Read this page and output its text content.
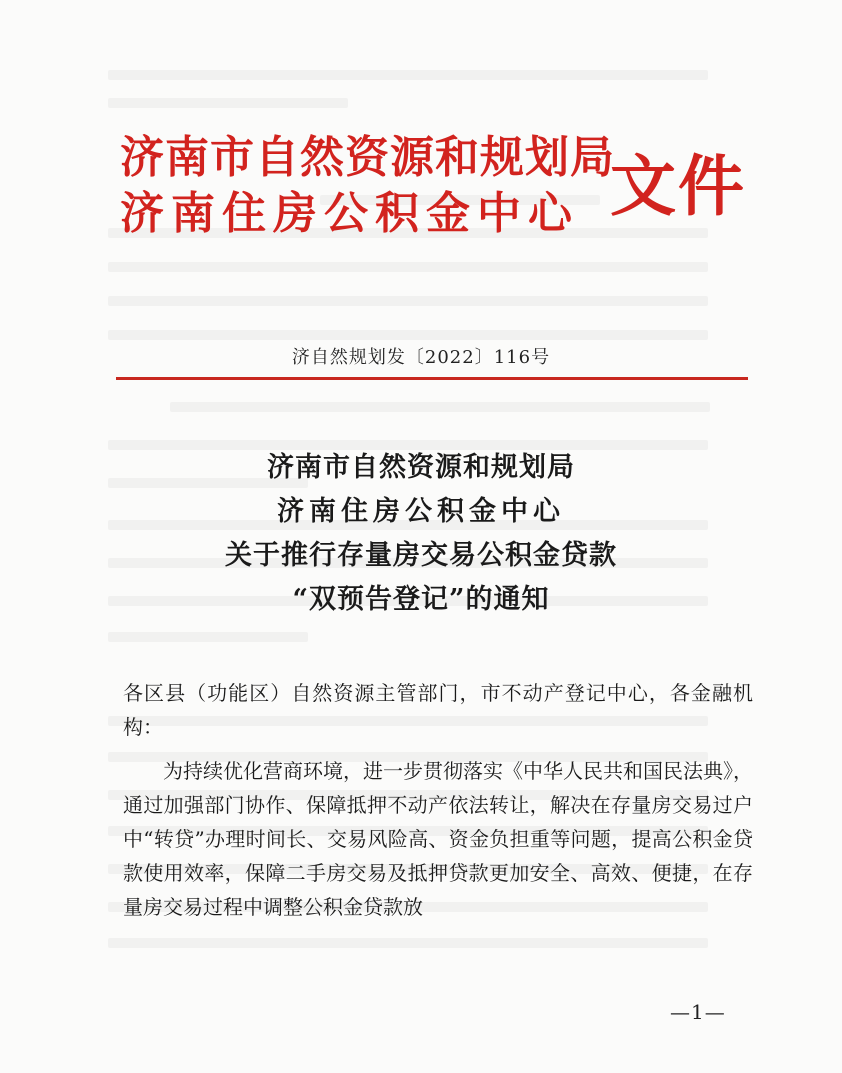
济南市自然资源和规划局
济南住房公积金中心 文件
济自然规划发〔2022〕116号
济南市自然资源和规划局
济南住房公积金中心
关于推行存量房交易公积金贷款
“双预告登记”的通知

各区县（功能区）自然资源主管部门，市不动产登记中心，各金融机构：

为持续优化营商环境，进一步贯彻落实《中华人民共和国民法典》，通过加强部门协作、保障抵押不动产依法转让，解决在存量房交易过户中“转贷”办理时间长、交易风险高、资金负担重等问题，提高公积金贷款使用效率，保障二手房交易及抵押贷款更加安全、高效、便捷，在存量房交易过程中调整公积金贷款放

—1—
